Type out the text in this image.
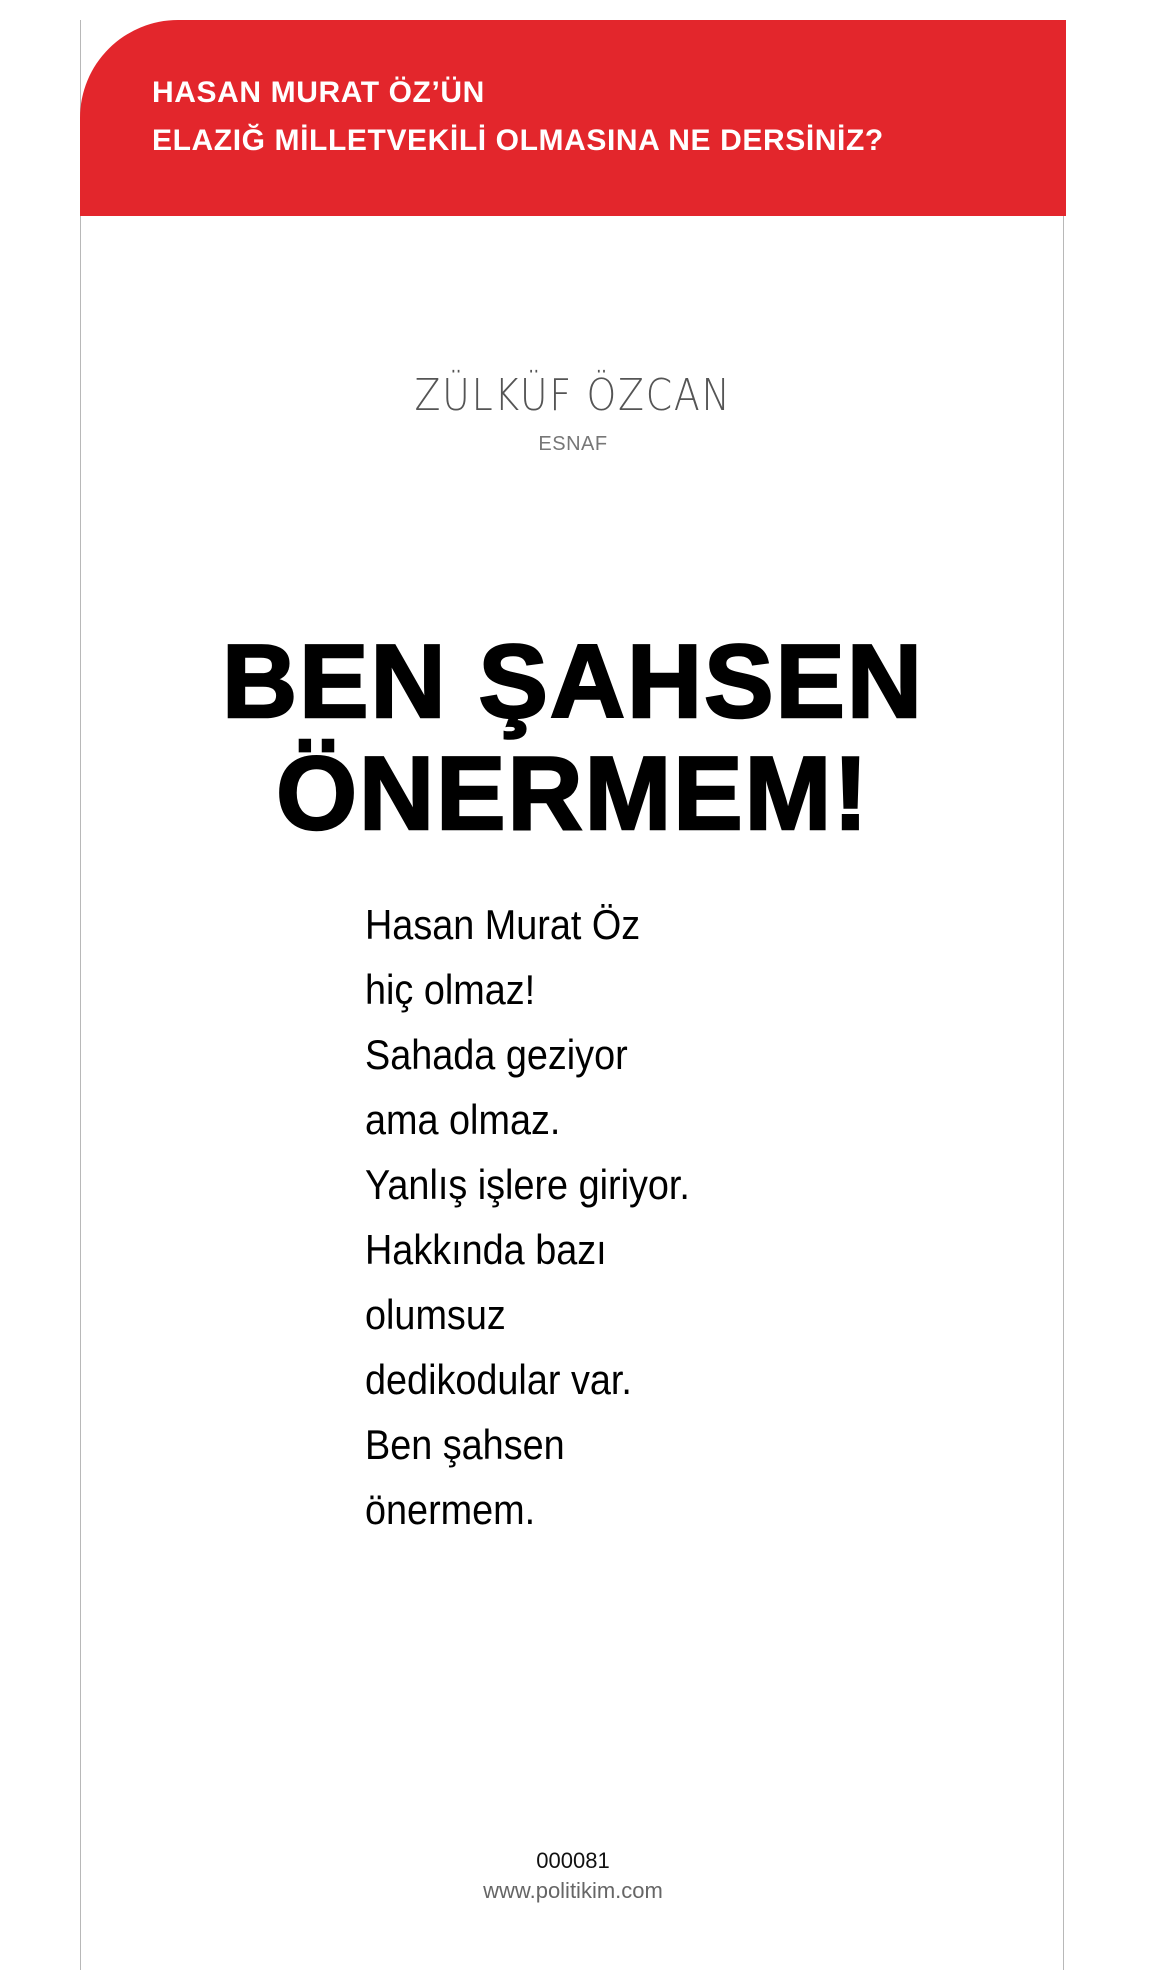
HASAN MURAT ÖZ’ÜN
ELAZIĞ MİLLETVEKİLİ OLMASINA NE DERSİNİZ?
ZÜLKÜF ÖZCAN
ESNAF
BEN ŞAHSEN
ÖNERMEM!
Hasan Murat Öz
hiç olmaz!
Sahada geziyor
ama olmaz.
Yanlış işlere giriyor.
Hakkında bazı
olumsuz
dedikodular var.
Ben şahsen
önermem.
000081
www.politikim.com
